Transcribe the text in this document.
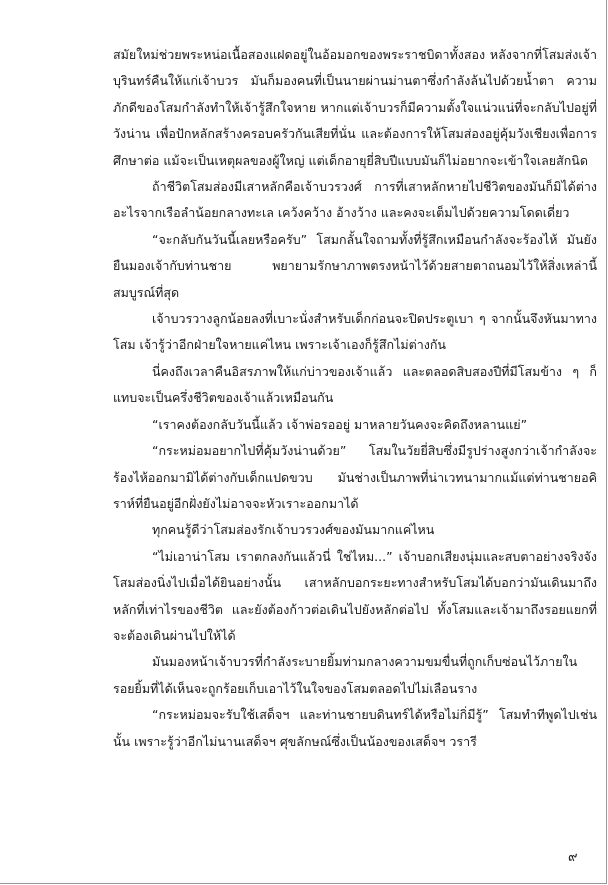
สมัยใหม่ช่วยพระหน่อเนื้อสองแฝดอยู่ในอ้อมอกของพระราชบิดาทั้งสอง หลังจากที่โสมส่งเจ้าบุรินทร์คืนให้แก่เจ้าบวร มันก็มองคนที่เป็นนายผ่านม่านตาซึ่งกำลังล้นไปด้วยน้ำตา ความภักดีของโสมกำลังทำให้เจ้ารู้สึกใจหาย หากแต่เจ้าบวรก็มีความตั้งใจแน่วแน่ที่จะกลับไปอยู่ที่วังน่าน เพื่อปักหลักสร้างครอบครัวกันเสียที่นั่น และต้องการให้โสมส่องอยู่คุ้มวังเชียงเพื่อการศึกษาต่อ แม้จะเป็นเหตุผลของผู้ใหญ่ แต่เด็กอายุยี่สิบปีแบบมันก็ไม่อยากจะเข้าใจเลยสักนิด

ถ้าชีวิตโสมส่องมีเสาหลักคือเจ้าบวรวงศ์ การที่เสาหลักหายไปชีวิตของมันก็มิได้ต่างอะไรจากเรือลำน้อยกลางทะเล เคว้งคว้าง อ้างว้าง และคงจะเต็มไปด้วยความโดดเดี่ยว

“จะกลับกันวันนี้เลยหรือครับ” โสมกลั้นใจถามทั้งที่รู้สึกเหมือนกำลังจะร้องไห้ มันยังยืนมองเจ้ากับท่านชาย พยายามรักษาภาพตรงหน้าไว้ด้วยสายตาถนอมไว้ให้สิ่งเหล่านี้สมบูรณ์ที่สุด

เจ้าบวรวางลูกน้อยลงที่เบาะนั่งสำหรับเด็กก่อนจะปิดประตูเบา ๆ จากนั้นจึงหันมาทางโสม เจ้ารู้ว่าอีกฝ่ายใจหายแค่ไหน เพราะเจ้าเองก็รู้สึกไม่ต่างกัน

นี่คงถึงเวลาคืนอิสรภาพให้แก่บ่าวของเจ้าแล้ว และตลอดสิบสองปีที่มีโสมข้าง ๆ ก็แทบจะเป็นครึ่งชีวิตของเจ้าแล้วเหมือนกัน

“เราคงต้องกลับวันนี้แล้ว เจ้าพ่อรออยู่ มาหลายวันคงจะคิดถึงหลานแย่”

“กระหม่อมอยากไปที่คุ้มวังน่านด้วย” โสมในวัยยี่สิบซึ่งมีรูปร่างสูงกว่าเจ้ากำลังจะร้องไห้ออกมามิได้ต่างกับเด็กแปดขวบ มันช่างเป็นภาพที่น่าเวทนามากแม้แต่ท่านชายอคิราห์ที่ยืนอยู่อีกฝั่งยังไม่อาจจะหัวเราะออกมาได้

ทุกคนรู้ดีว่าโสมส่องรักเจ้าบวรวงศ์ของมันมากแค่ไหน

“ไม่เอาน่าโสม เราตกลงกันแล้วนี่ ใช่ไหม...” เจ้าบอกเสียงนุ่มและสบตาอย่างจริงจัง โสมส่องนิ่งไปเมื่อได้ยินอย่างนั้น เสาหลักบอกระยะทางสำหรับโสมได้บอกว่ามันเดินมาถึงหลักที่เท่าไรของชีวิต และยังต้องก้าวต่อเดินไปยังหลักต่อไป ทั้งโสมและเจ้ามาถึงรอยแยกที่จะต้องเดินผ่านไปให้ได้

มันมองหน้าเจ้าบวรที่กำลังระบายยิ้มท่ามกลางความขมขื่นที่ถูกเก็บซ่อนไว้ภายใน รอยยิ้มที่ได้เห็นจะถูกร้อยเก็บเอาไว้ในใจของโสมตลอดไปไม่เลือนราง

“กระหม่อมจะรับใช้เสด็จฯ และท่านชายบดินทร์ได้หรือไม่กิ่มีรู้” โสมทำทีพูดไปเช่นนั้น เพราะรู้ว่าอีกไม่นานเสด็จฯ ศุขลักษณ์ซึ่งเป็นน้องของเสด็จฯ วรารี

๙
